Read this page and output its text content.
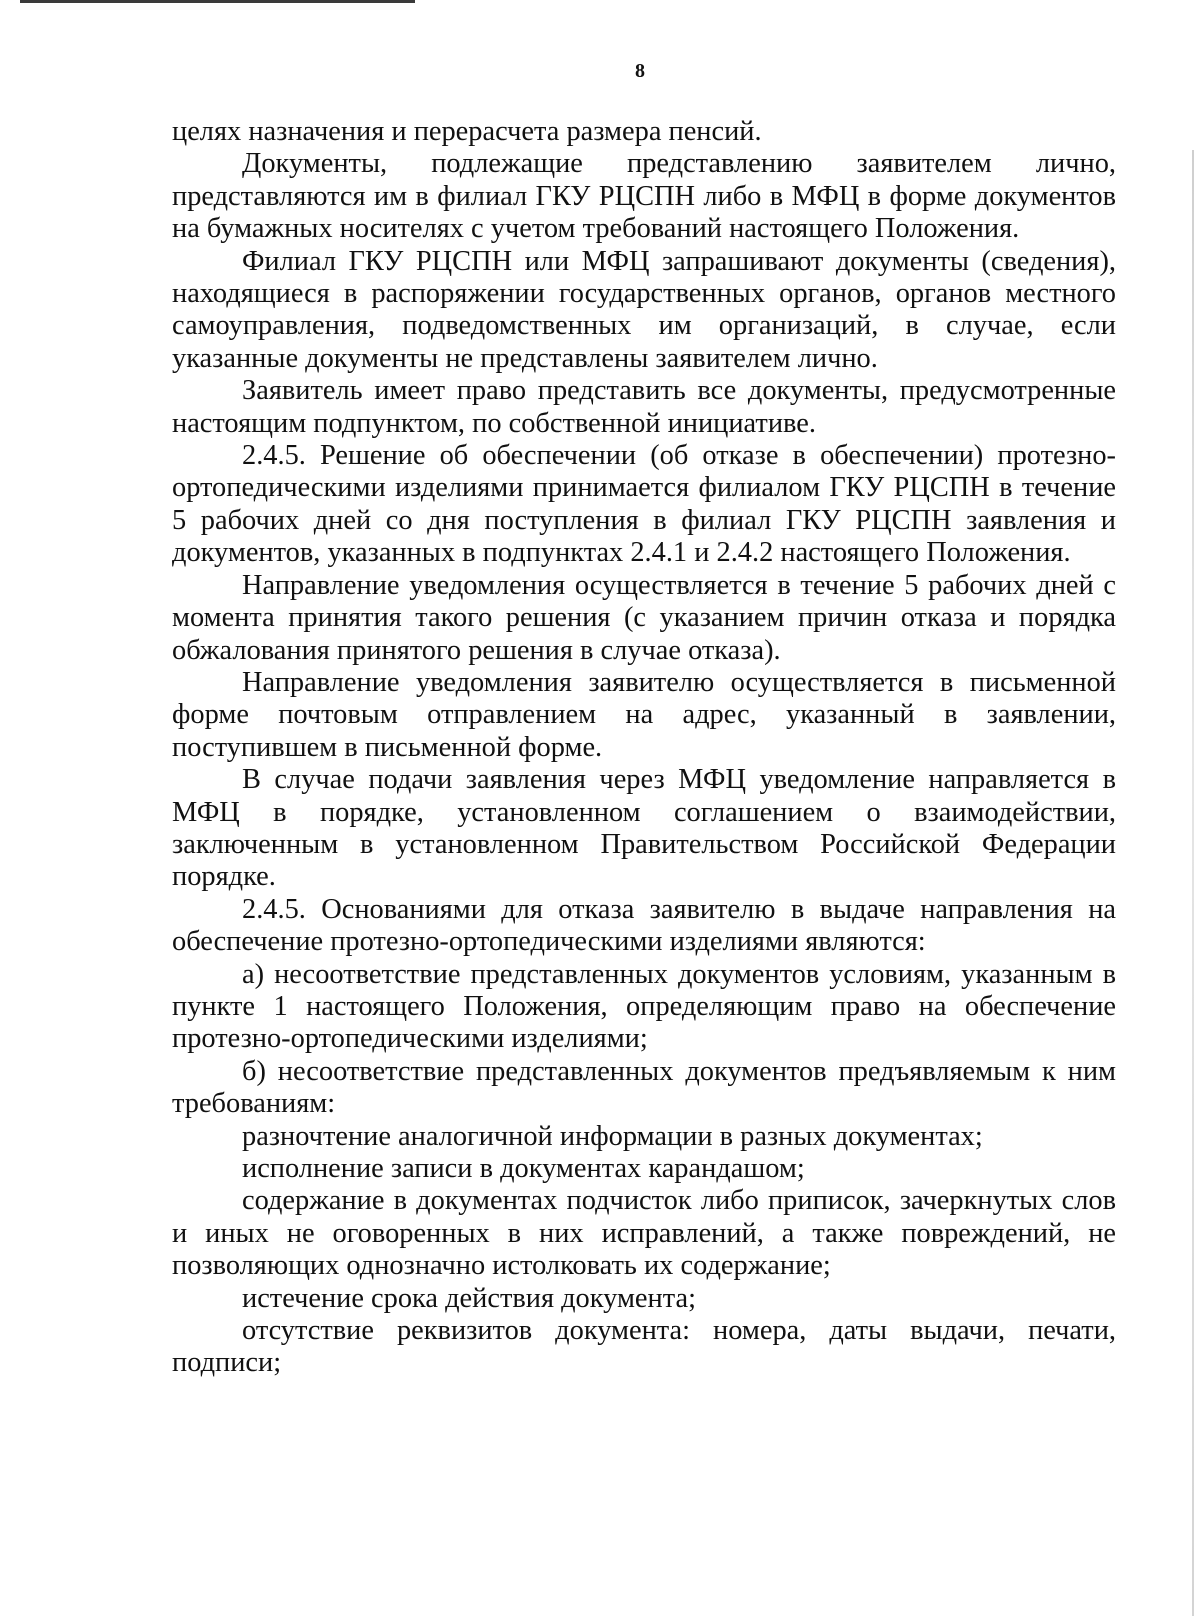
8

целях назначения и перерасчета размера пенсий.

Документы, подлежащие представлению заявителем лично, представляются им в филиал ГКУ РЦСПН либо в МФЦ в форме документов на бумажных носителях с учетом требований настоящего Положения.

Филиал ГКУ РЦСПН или МФЦ запрашивают документы (сведения), находящиеся в распоряжении государственных органов, органов местного самоуправления, подведомственных им организаций, в случае, если указанные документы не представлены заявителем лично.

Заявитель имеет право представить все документы, предусмотренные настоящим подпунктом, по собственной инициативе.

2.4.5. Решение об обеспечении (об отказе в обеспечении) протезно-ортопедическими изделиями принимается филиалом ГКУ РЦСПН в течение 5 рабочих дней со дня поступления в филиал ГКУ РЦСПН заявления и документов, указанных в подпунктах 2.4.1 и 2.4.2 настоящего Положения.

Направление уведомления осуществляется в течение 5 рабочих дней с момента принятия такого решения (с указанием причин отказа и порядка обжалования принятого решения в случае отказа).

Направление уведомления заявителю осуществляется в письменной форме почтовым отправлением на адрес, указанный в заявлении, поступившем в письменной форме.

В случае подачи заявления через МФЦ уведомление направляется в МФЦ в порядке, установленном соглашением о взаимодействии, заключенным в установленном Правительством Российской Федерации порядке.

2.4.5. Основаниями для отказа заявителю в выдаче направления на обеспечение протезно-ортопедическими изделиями являются:

а) несоответствие представленных документов условиям, указанным в пункте 1 настоящего Положения, определяющим право на обеспечение протезно-ортопедическими изделиями;

б) несоответствие представленных документов предъявляемым к ним требованиям:

разночтение аналогичной информации в разных документах;

исполнение записи в документах карандашом;

содержание в документах подчисток либо приписок, зачеркнутых слов и иных не оговоренных в них исправлений, а также повреждений, не позволяющих однозначно истолковать их содержание;

истечение срока действия документа;

отсутствие реквизитов документа: номера, даты выдачи, печати, подписи;
